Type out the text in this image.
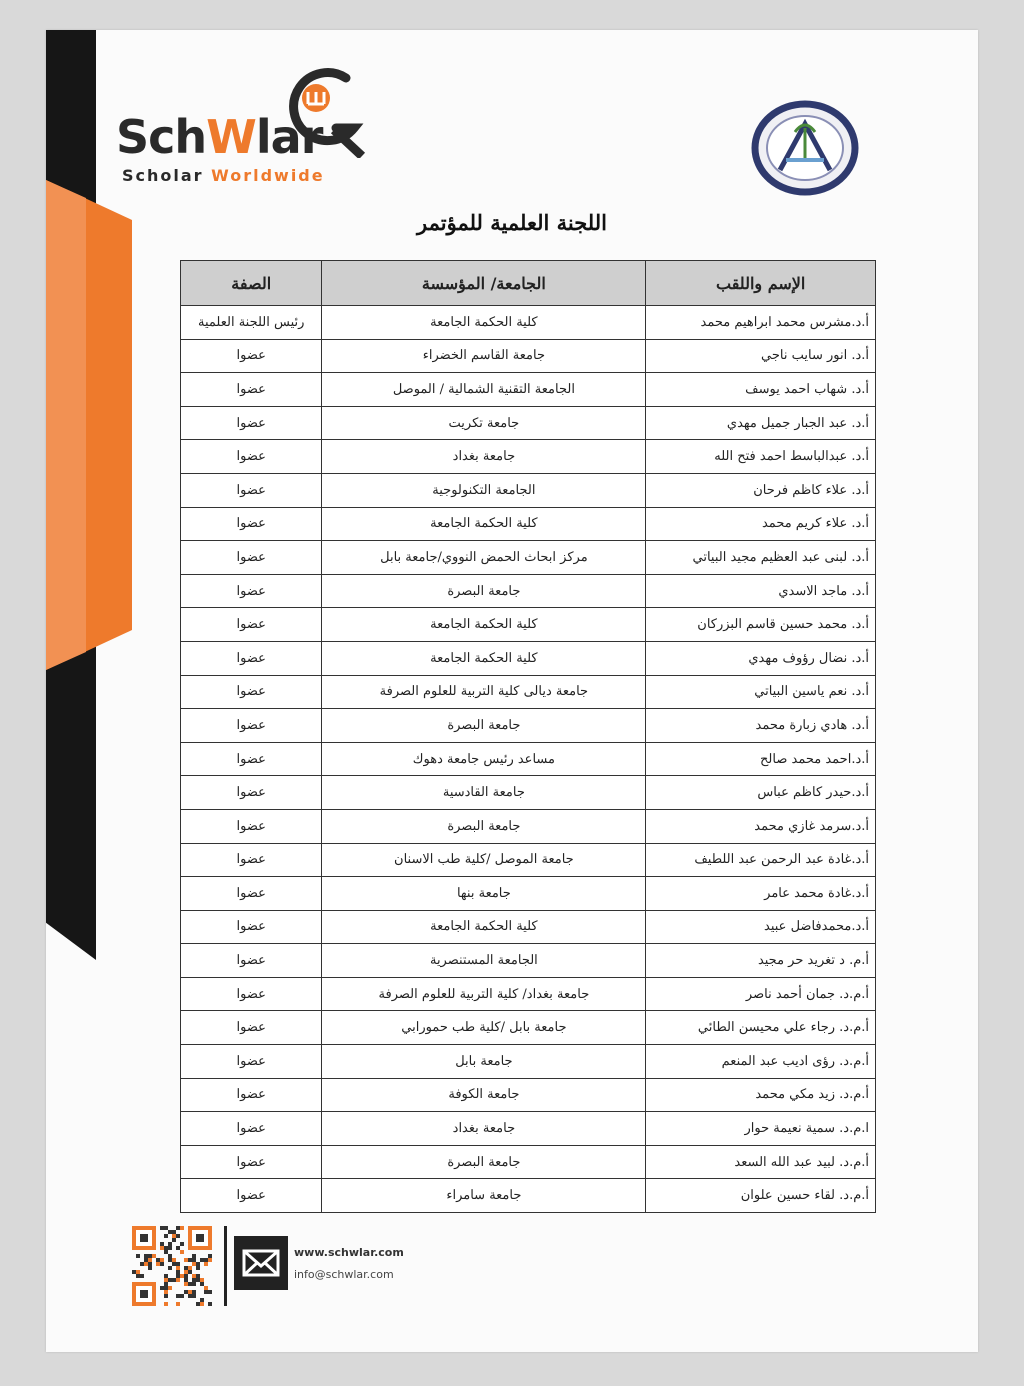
SchWlar
Scholar Worldwide
اللجنة العلمية للمؤتمر
الإسم واللقب	الجامعة/ المؤسسة	الصفة
أ.د.مشرس محمد ابراهيم محمد	كلية الحكمة الجامعة	رئيس اللجنة العلمية
أ.د. انور سايب ناجي	جامعة القاسم الخضراء	عضوا
أ.د. شهاب احمد يوسف	الجامعة التقنية الشمالية / الموصل	عضوا
أ.د. عبد الجبار جميل مهدي	جامعة تكريت	عضوا
أ.د. عبدالباسط احمد فتح الله	جامعة بغداد	عضوا
أ.د. علاء كاظم فرحان	الجامعة التكنولوجية	عضوا
أ.د. علاء كريم محمد	كلية الحكمة الجامعة	عضوا
أ.د. لبنى عبد العظيم مجيد البياتي	مركز ابحاث الحمض النووي/جامعة بابل	عضوا
أ.د. ماجد الاسدي	جامعة البصرة	عضوا
أ.د. محمد حسين قاسم البزركان	كلية الحكمة الجامعة	عضوا
أ.د. نضال رؤوف مهدي	كلية الحكمة الجامعة	عضوا
أ.د. نعم ياسين البياتي	جامعة ديالى كلية التربية للعلوم الصرفة	عضوا
أ.د. هادي زبارة محمد	جامعة البصرة	عضوا
أ.د.احمد محمد صالح	مساعد رئيس جامعة دهوك	عضوا
أ.د.حيدر كاظم عباس	جامعة القادسية	عضوا
أ.د.سرمد غازي محمد	جامعة البصرة	عضوا
أ.د.غادة عبد الرحمن عبد اللطيف	جامعة الموصل /كلية طب الاسنان	عضوا
أ.د.غادة محمد عامر	جامعة بنها	عضوا
أ.د.محمدفاضل عبيد	كلية الحكمة الجامعة	عضوا
أ.م. د تغريد حر مجيد	الجامعة المستنصرية	عضوا
أ.م.د. جمان أحمد ناصر	جامعة بغداد/ كلية التربية للعلوم الصرفة	عضوا
أ.م.د. رجاء علي محيسن الطائي	جامعة بابل /كلية طب حمورابي	عضوا
أ.م.د. رؤى اديب عبد المنعم	جامعة بابل	عضوا
أ.م.د. زيد مكي محمد	جامعة الكوفة	عضوا
ا.م.د. سمية نعيمة حوار	جامعة بغداد	عضوا
أ.م.د. لبيد عبد الله السعد	جامعة البصرة	عضوا
أ.م.د. لقاء حسين علوان	جامعة سامراء	عضوا
www.schwlar.com
info@schwlar.com
